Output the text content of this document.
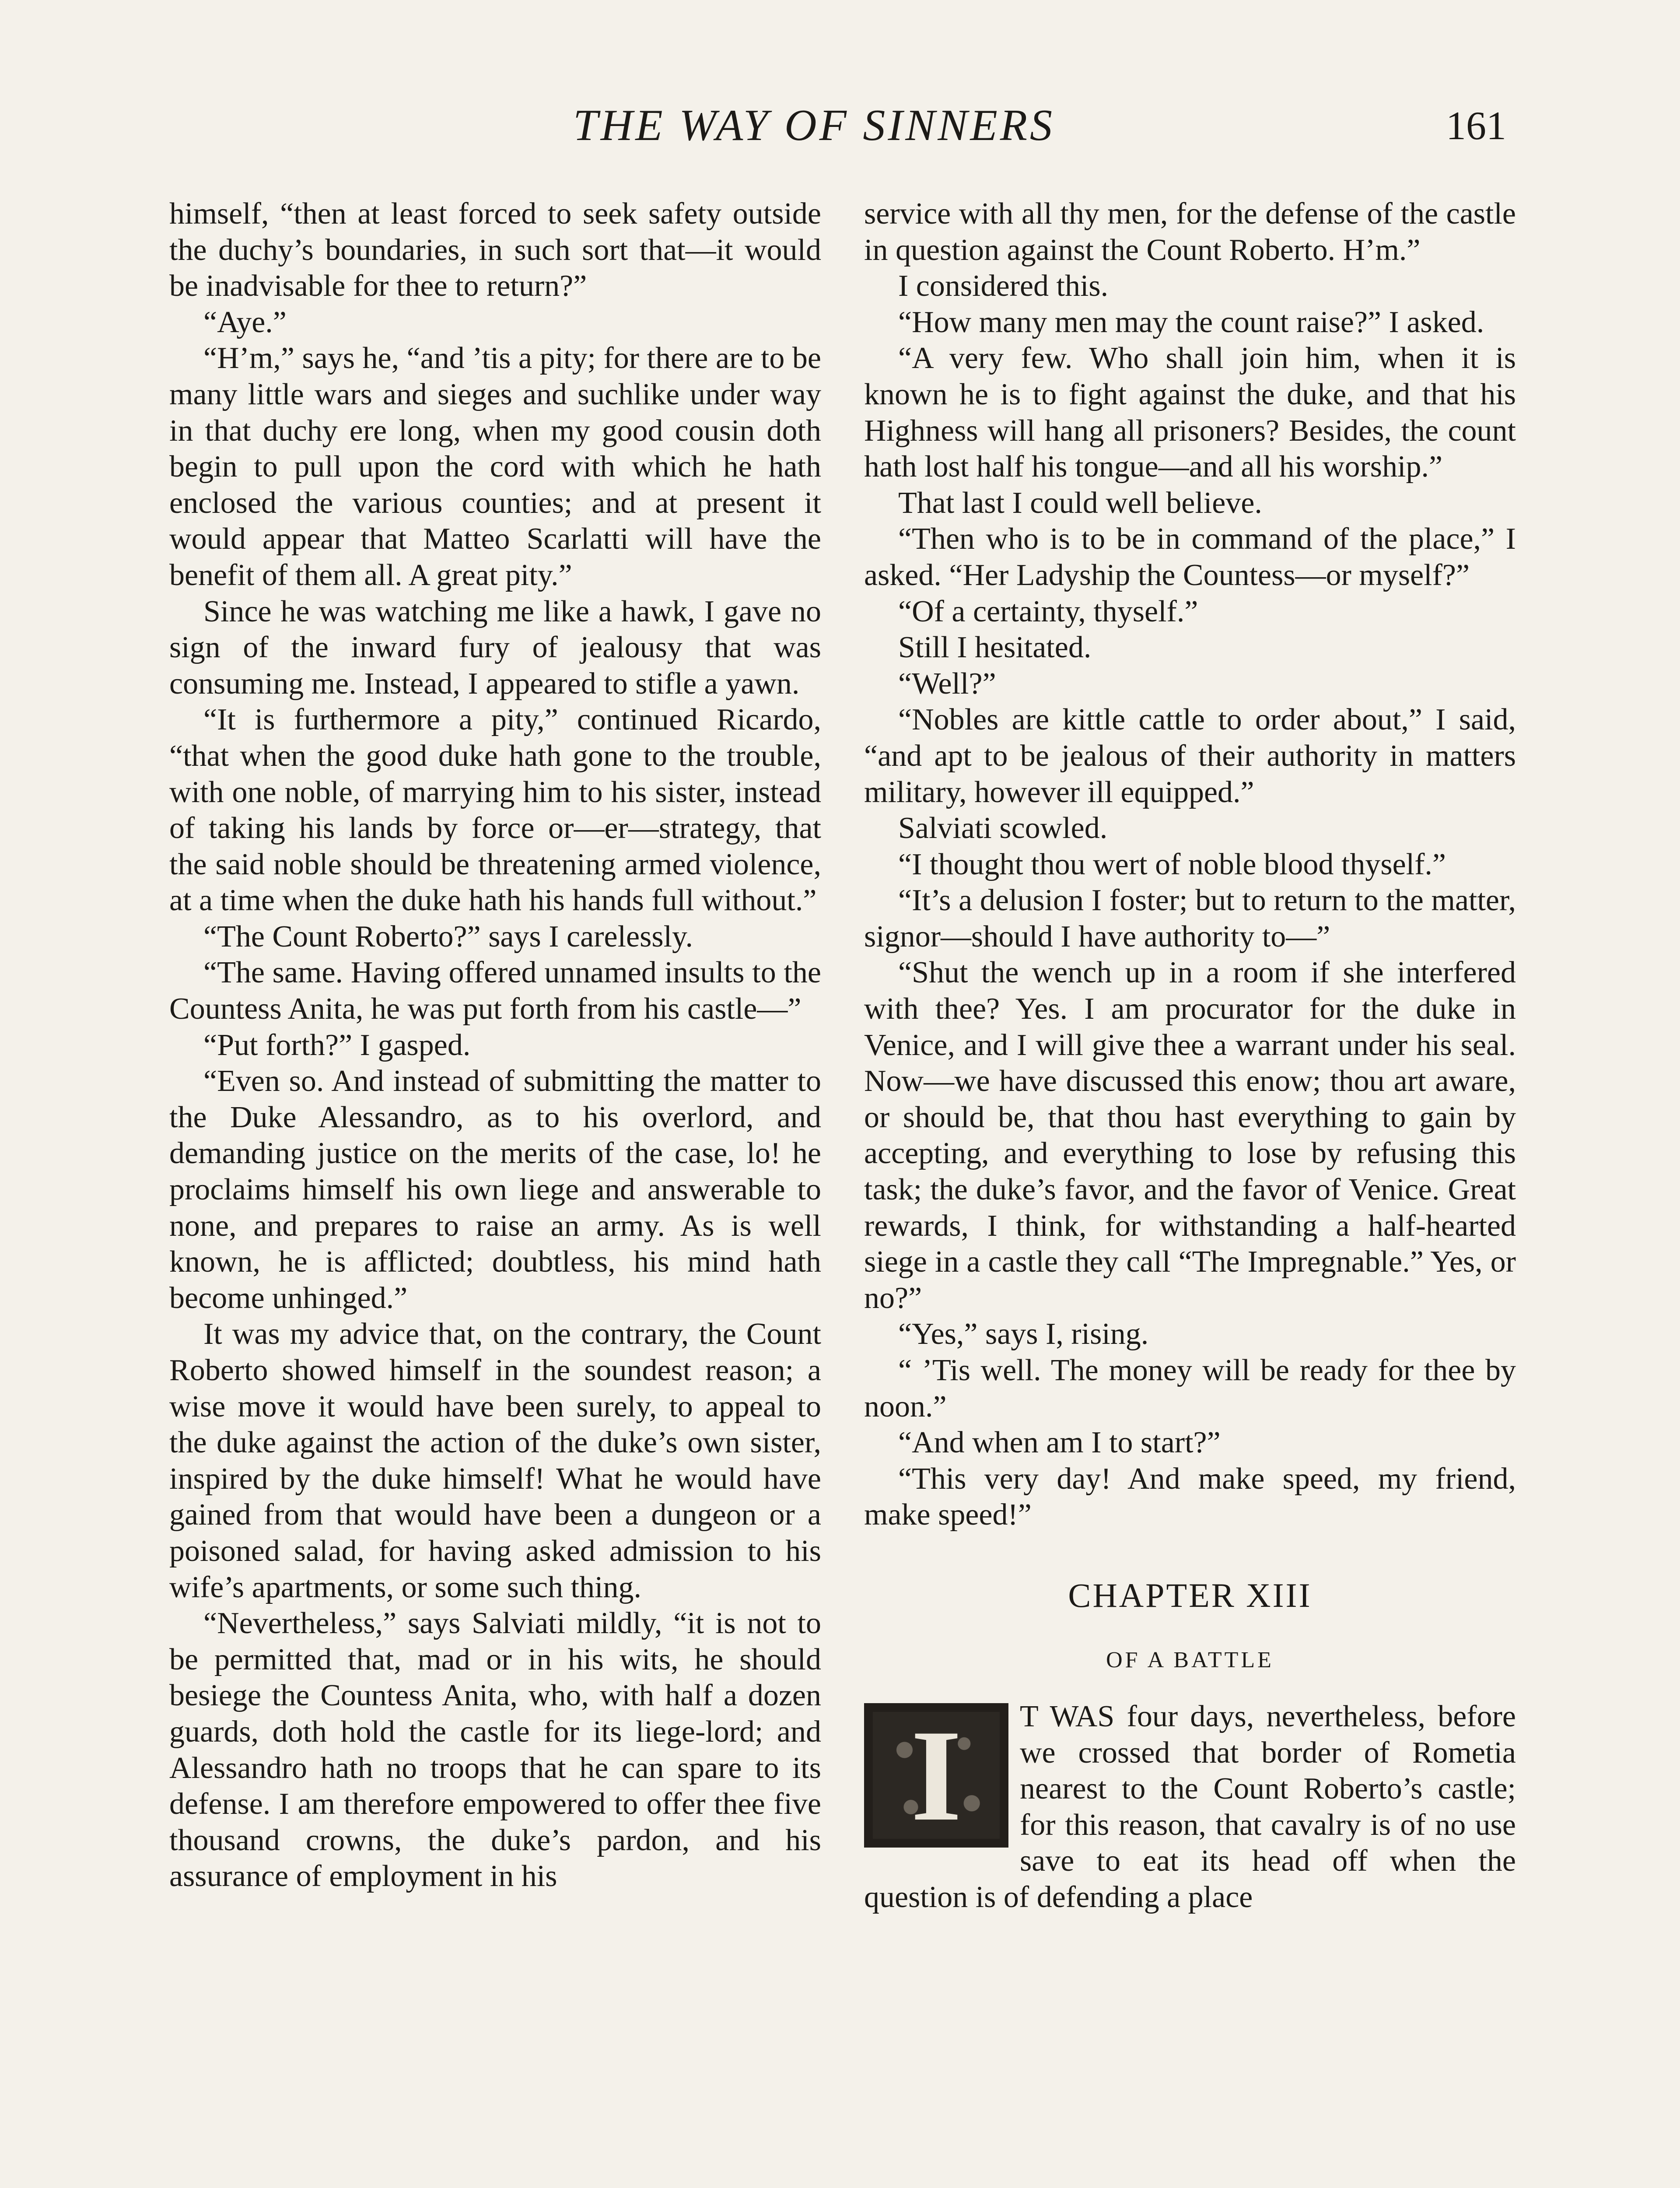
THE WAY OF SINNERS	161

himself, “then at least forced to seek safety outside the duchy’s boundaries, in such sort that—it would be inadvisable for thee to return?”

“Aye.”

“H’m,” says he, “and ’tis a pity; for there are to be many little wars and sieges and suchlike under way in that duchy ere long, when my good cousin doth begin to pull upon the cord with which he hath enclosed the various counties; and at present it would appear that Matteo Scarlatti will have the benefit of them all. A great pity.”

Since he was watching me like a hawk, I gave no sign of the inward fury of jealousy that was consuming me. Instead, I appeared to stifle a yawn.

“It is furthermore a pity,” continued Ricardo, “that when the good duke hath gone to the trouble, with one noble, of marrying him to his sister, instead of taking his lands by force or—er—strategy, that the said noble should be threatening armed violence, at a time when the duke hath his hands full without.”

“The Count Roberto?” says I carelessly.

“The same. Having offered unnamed insults to the Countess Anita, he was put forth from his castle—”

“Put forth?” I gasped.

“Even so. And instead of submitting the matter to the Duke Alessandro, as to his overlord, and demanding justice on the merits of the case, lo! he proclaims himself his own liege and answerable to none, and prepares to raise an army. As is well known, he is afflicted; doubtless, his mind hath become unhinged.”

It was my advice that, on the contrary, the Count Roberto showed himself in the soundest reason; a wise move it would have been surely, to appeal to the duke against the action of the duke’s own sister, inspired by the duke himself! What he would have gained from that would have been a dungeon or a poisoned salad, for having asked admission to his wife’s apartments, or some such thing.

“Nevertheless,” says Salviati mildly, “it is not to be permitted that, mad or in his wits, he should besiege the Countess Anita, who, with half a dozen guards, doth hold the castle for its liege-lord; and Alessandro hath no troops that he can spare to its defense. I am therefore empowered to offer thee five thousand crowns, the duke’s pardon, and his assurance of employment in his

service with all thy men, for the defense of the castle in question against the Count Roberto. H’m.”

I considered this.

“How many men may the count raise?” I asked.

“A very few. Who shall join him, when it is known he is to fight against the duke, and that his Highness will hang all prisoners? Besides, the count hath lost half his tongue—and all his worship.”

That last I could well believe.

“Then who is to be in command of the place,” I asked. “Her Ladyship the Countess—or myself?”

“Of a certainty, thyself.”

Still I hesitated.

“Well?”

“Nobles are kittle cattle to order about,” I said, “and apt to be jealous of their authority in matters military, however ill equipped.”

Salviati scowled.

“I thought thou wert of noble blood thyself.”

“It’s a delusion I foster; but to return to the matter, signor—should I have authority to—”

“Shut the wench up in a room if she interfered with thee? Yes. I am procurator for the duke in Venice, and I will give thee a warrant under his seal. Now—we have discussed this enow; thou art aware, or should be, that thou hast everything to gain by accepting, and everything to lose by refusing this task; the duke’s favor, and the favor of Venice. Great rewards, I think, for withstanding a half-hearted siege in a castle they call “The Impregnable.” Yes, or no?”

“Yes,” says I, rising.

“ ’Tis well. The money will be ready for thee by noon.”

“And when am I to start?”

“This very day! And make speed, my friend, make speed!”

CHAPTER XIII
OF A BATTLE

I	T WAS four days, nevertheless, before we crossed that border of Rometia nearest to the Count Roberto’s castle; for this reason, that cavalry is of no use save to eat its head off when the question is of defending a place
